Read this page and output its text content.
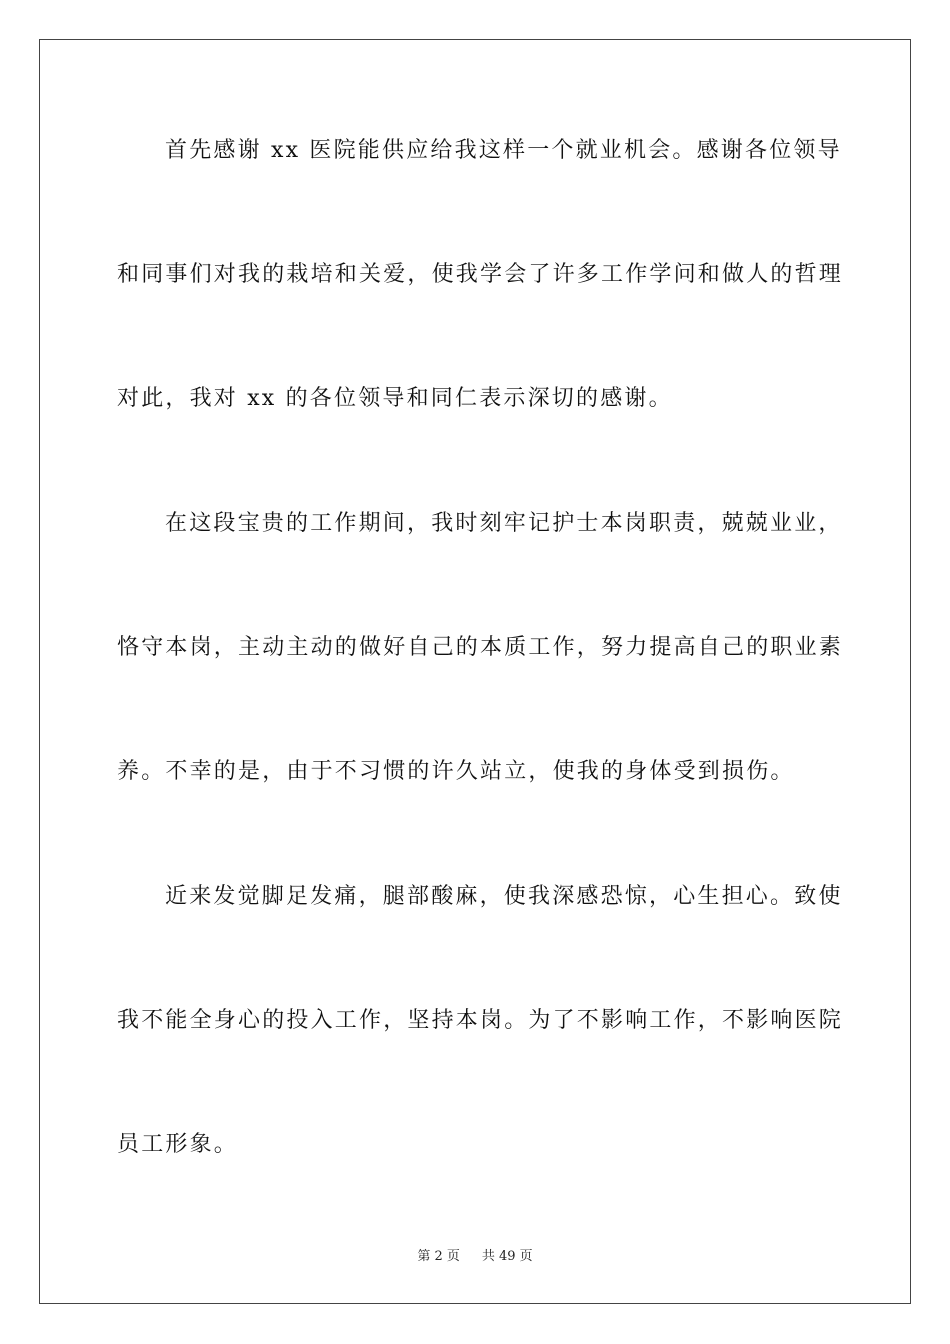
首先感谢 xx 医院能供应给我这样一个就业机会。感谢各位领导
和同事们对我的栽培和关爱，使我学会了许多工作学问和做人的哲理
对此，我对 xx 的各位领导和同仁表示深切的感谢。
在这段宝贵的工作期间，我时刻牢记护士本岗职责，兢兢业业，
恪守本岗，主动主动的做好自己的本质工作，努力提高自己的职业素
养。不幸的是，由于不习惯的许久站立，使我的身体受到损伤。
近来发觉脚足发痛，腿部酸麻，使我深感恐惊，心生担心。致使
我不能全身心的投入工作，坚持本岗。为了不影响工作，不影响医院
员工形象。
第 2 页 共 49 页
